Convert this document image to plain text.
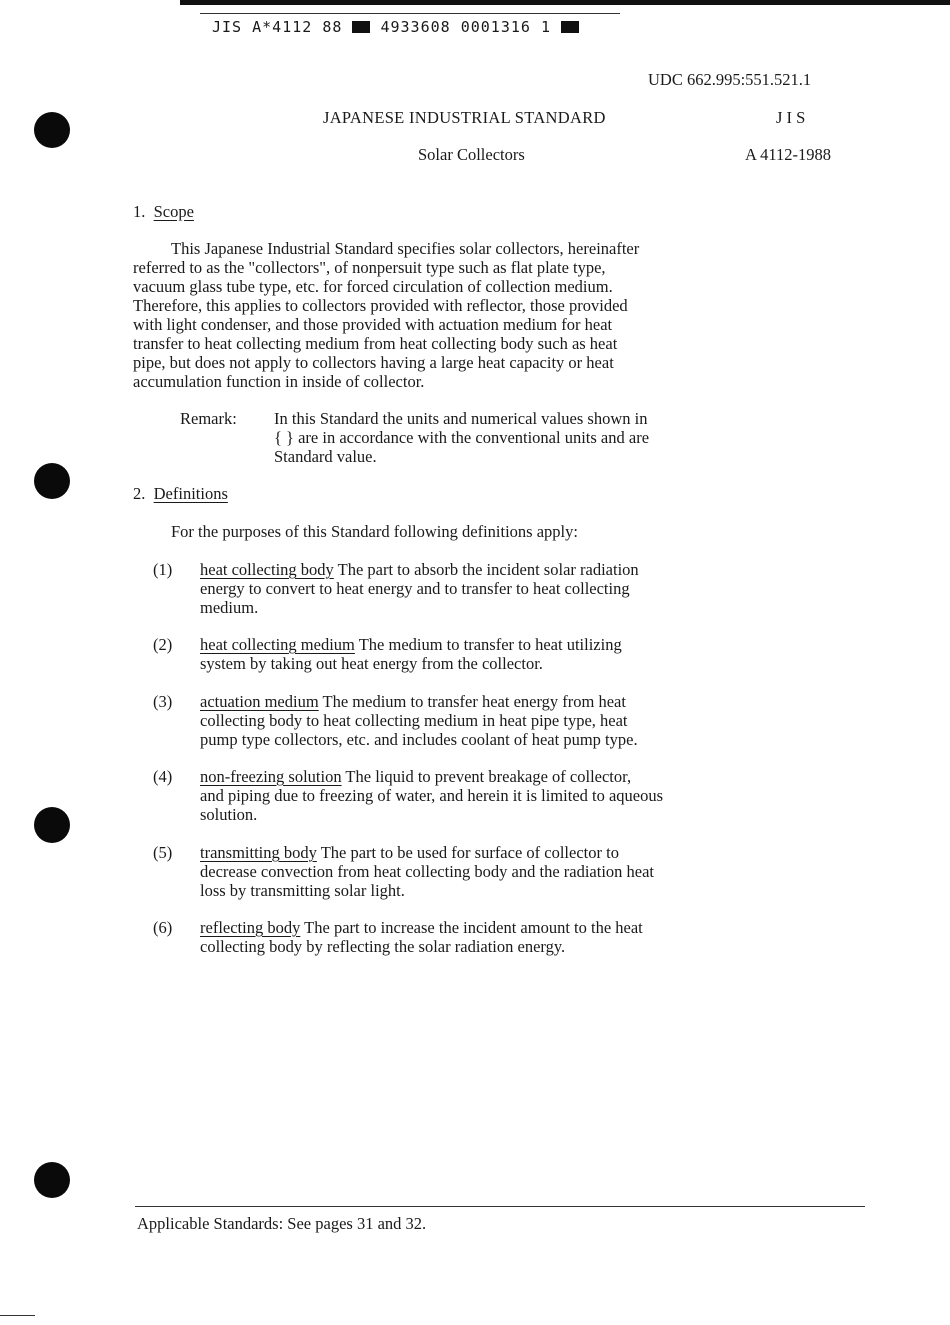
JIS A*4112 88	4933608 0001316 1
UDC 662.995:551.521.1
JAPANESE INDUSTRIAL STANDARD	J I S
Solar Collectors	A 4112-1988
1. Scope
This Japanese Industrial Standard specifies solar collectors, hereinafter
referred to as the "collectors", of nonpersuit type such as flat plate type,
vacuum glass tube type, etc. for forced circulation of collection medium.
Therefore, this applies to collectors provided with reflector, those provided
with light condenser, and those provided with actuation medium for heat
transfer to heat collecting medium from heat collecting body such as heat
pipe, but does not apply to collectors having a large heat capacity or heat
accumulation function in inside of collector.
Remark: In this Standard the units and numerical values shown in
{ } are in accordance with the conventional units and are
Standard value.
2. Definitions
For the purposes of this Standard following definitions apply:
(1) heat collecting body The part to absorb the incident solar radiation
energy to convert to heat energy and to transfer to heat collecting
medium.
(2) heat collecting medium The medium to transfer to heat utilizing
system by taking out heat energy from the collector.
(3) actuation medium The medium to transfer heat energy from heat
collecting body to heat collecting medium in heat pipe type, heat
pump type collectors, etc. and includes coolant of heat pump type.
(4) non-freezing solution The liquid to prevent breakage of collector,
and piping due to freezing of water, and herein it is limited to aqueous
solution.
(5) transmitting body The part to be used for surface of collector to
decrease convection from heat collecting body and the radiation heat
loss by transmitting solar light.
(6) reflecting body The part to increase the incident amount to the heat
collecting body by reflecting the solar radiation energy.
Applicable Standards: See pages 31 and 32.
